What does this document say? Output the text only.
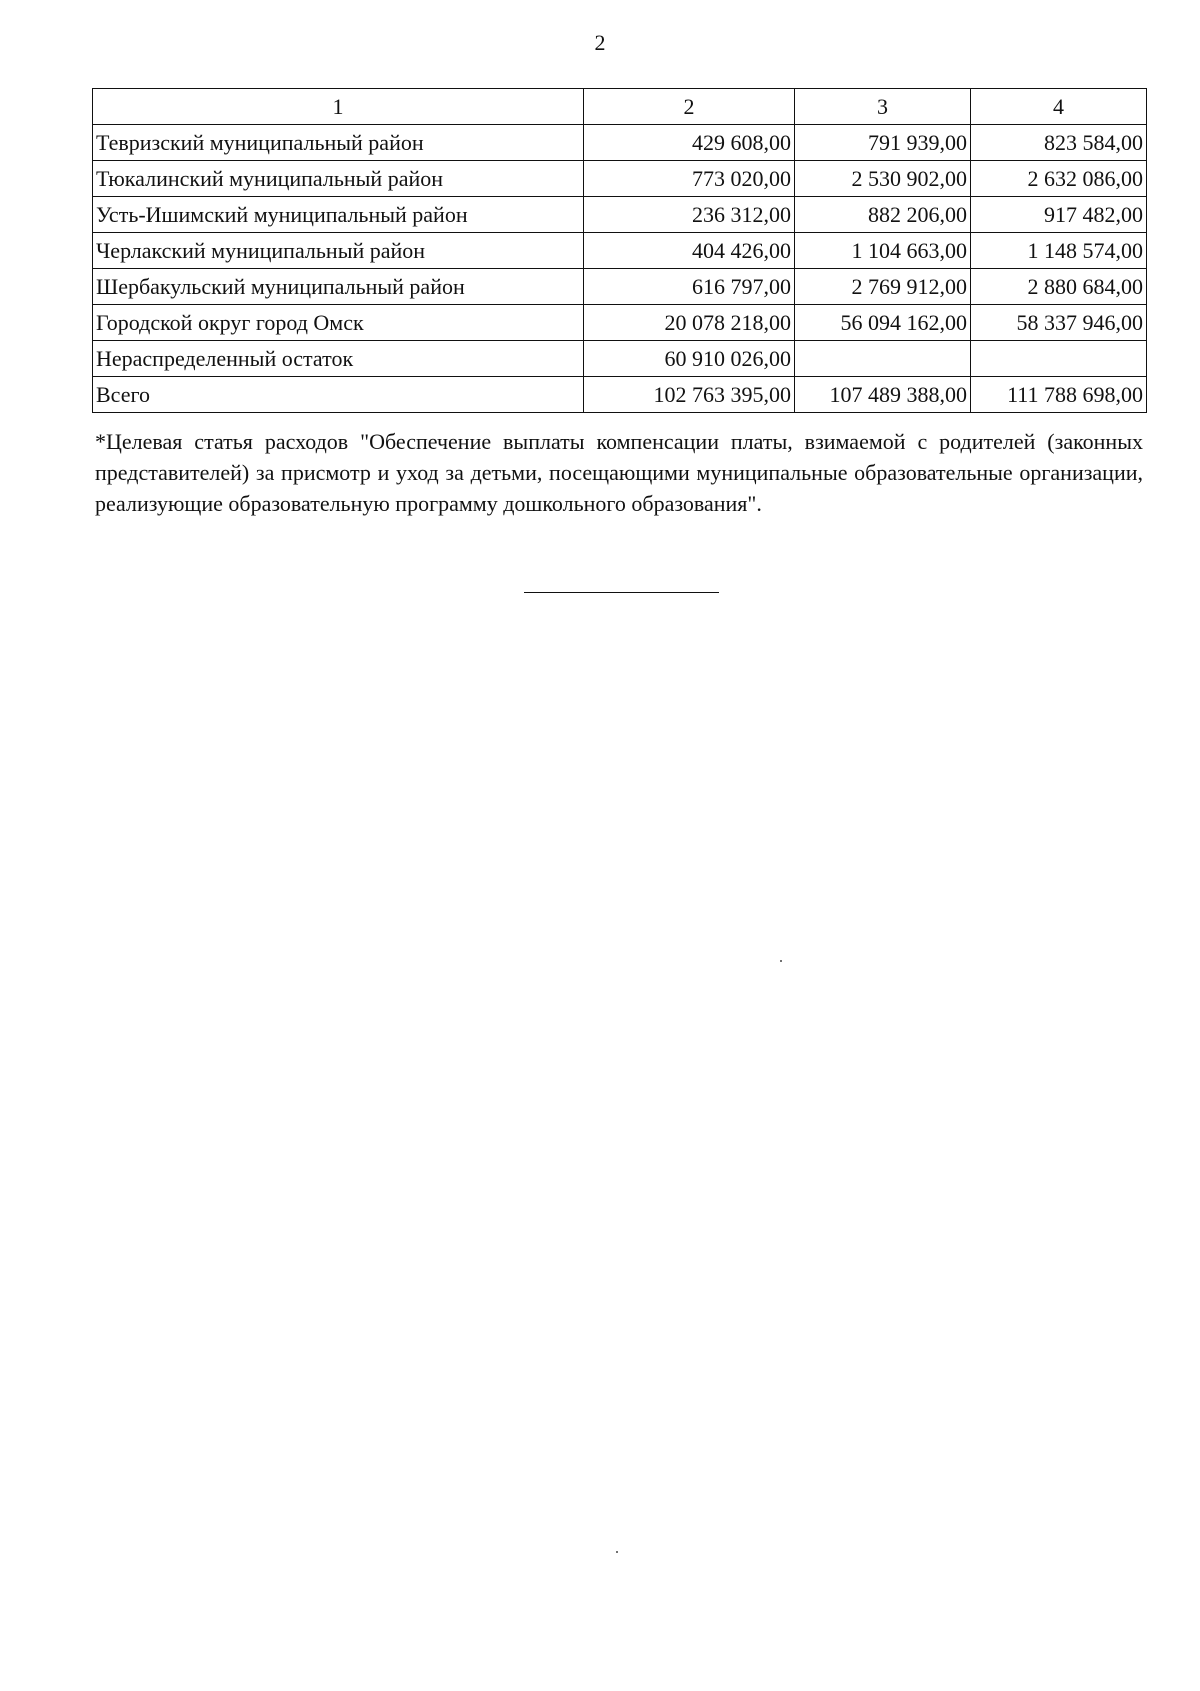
2
1	2	3	4
Тевризский муниципальный район	429 608,00	791 939,00	823 584,00
Тюкалинский муниципальный район	773 020,00	2 530 902,00	2 632 086,00
Усть-Ишимский муниципальный район	236 312,00	882 206,00	917 482,00
Черлакский муниципальный район	404 426,00	1 104 663,00	1 148 574,00
Шербакульский муниципальный район	616 797,00	2 769 912,00	2 880 684,00
Городской округ город Омск	20 078 218,00	56 094 162,00	58 337 946,00
Нераспределенный остаток	60 910 026,00		
Всего	102 763 395,00	107 489 388,00	111 788 698,00
*Целевая статья расходов "Обеспечение выплаты компенсации платы, взимаемой с родителей (законных представителей) за присмотр и уход за детьми, посещающими муниципальные образовательные организации, реализующие образовательную программу дошкольного образования".
